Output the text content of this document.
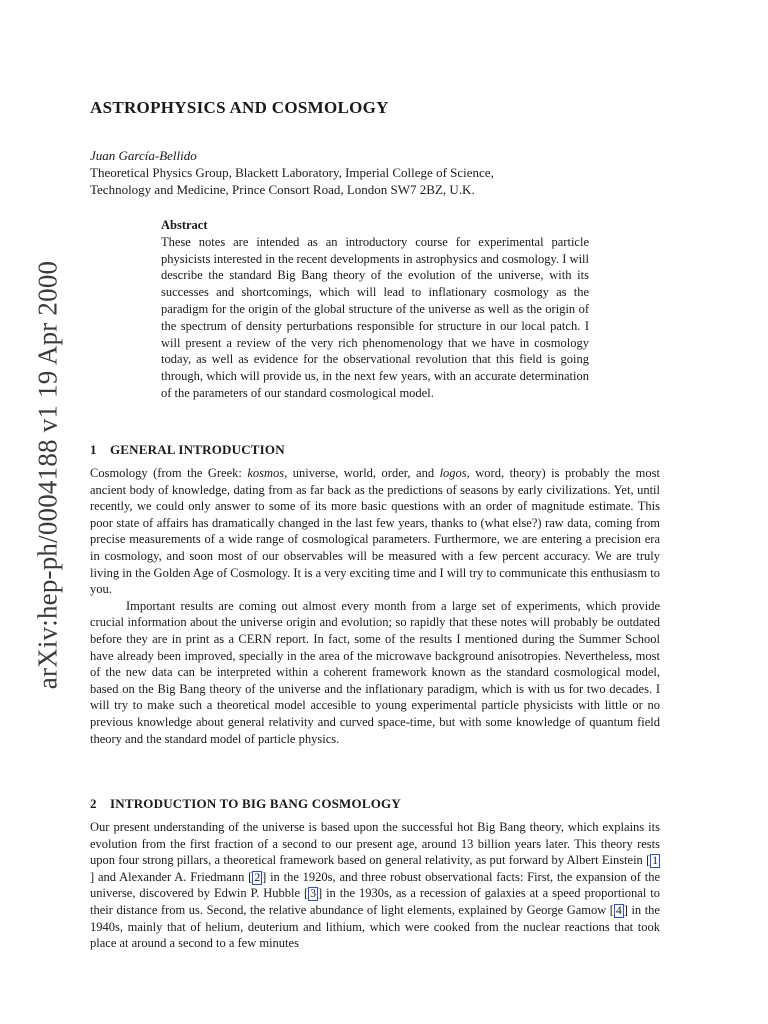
arXiv:hep-ph/0004188 v1 19 Apr 2000
ASTROPHYSICS AND COSMOLOGY
Juan García-Bellido
Theoretical Physics Group, Blackett Laboratory, Imperial College of Science,
Technology and Medicine, Prince Consort Road, London SW7 2BZ, U.K.
Abstract
These notes are intended as an introductory course for experimental particle physicists interested in the recent developments in astrophysics and cosmology. I will describe the standard Big Bang theory of the evolution of the universe, with its successes and shortcomings, which will lead to inflationary cosmology as the paradigm for the origin of the global structure of the universe as well as the origin of the spectrum of density perturbations responsible for structure in our local patch. I will present a review of the very rich phenomenology that we have in cosmology today, as well as evidence for the observational revolution that this field is going through, which will provide us, in the next few years, with an accurate determination of the parameters of our standard cosmological model.
1 GENERAL INTRODUCTION

Cosmology (from the Greek: kosmos, universe, world, order, and logos, word, theory) is probably the most ancient body of knowledge, dating from as far back as the predictions of seasons by early civilizations. Yet, until recently, we could only answer to some of its more basic questions with an order of magnitude estimate. This poor state of affairs has dramatically changed in the last few years, thanks to (what else?) raw data, coming from precise measurements of a wide range of cosmological parameters. Furthermore, we are entering a precision era in cosmology, and soon most of our observables will be measured with a few percent accuracy. We are truly living in the Golden Age of Cosmology. It is a very exciting time and I will try to communicate this enthusiasm to you.

Important results are coming out almost every month from a large set of experiments, which provide crucial information about the universe origin and evolution; so rapidly that these notes will probably be outdated before they are in print as a CERN report. In fact, some of the results I mentioned during the Summer School have already been improved, specially in the area of the microwave background anisotropies. Nevertheless, most of the new data can be interpreted within a coherent framework known as the standard cosmological model, based on the Big Bang theory of the universe and the inflationary paradigm, which is with us for two decades. I will try to make such a theoretical model accesible to young experimental particle physicists with little or no previous knowledge about general relativity and curved space-time, but with some knowledge of quantum field theory and the standard model of particle physics.

2 INTRODUCTION TO BIG BANG COSMOLOGY

Our present understanding of the universe is based upon the successful hot Big Bang theory, which explains its evolution from the first fraction of a second to our present age, around 13 billion years later. This theory rests upon four strong pillars, a theoretical framework based on general relativity, as put forward by Albert Einstein [ 1] and Alexander A. Friedmann [ 2 ] in the 1920s, and three robust observational facts: First, the expansion of the universe, discovered by Edwin P. Hubble [ 3 ] in the 1930s, as a recession of galaxies at a speed proportional to their distance from us. Second, the relative abundance of light elements, explained by George Gamow [ 4 ] in the 1940s, mainly that of helium, deuterium and lithium, which were cooked from the nuclear reactions that took place at around a second to a few minutes
